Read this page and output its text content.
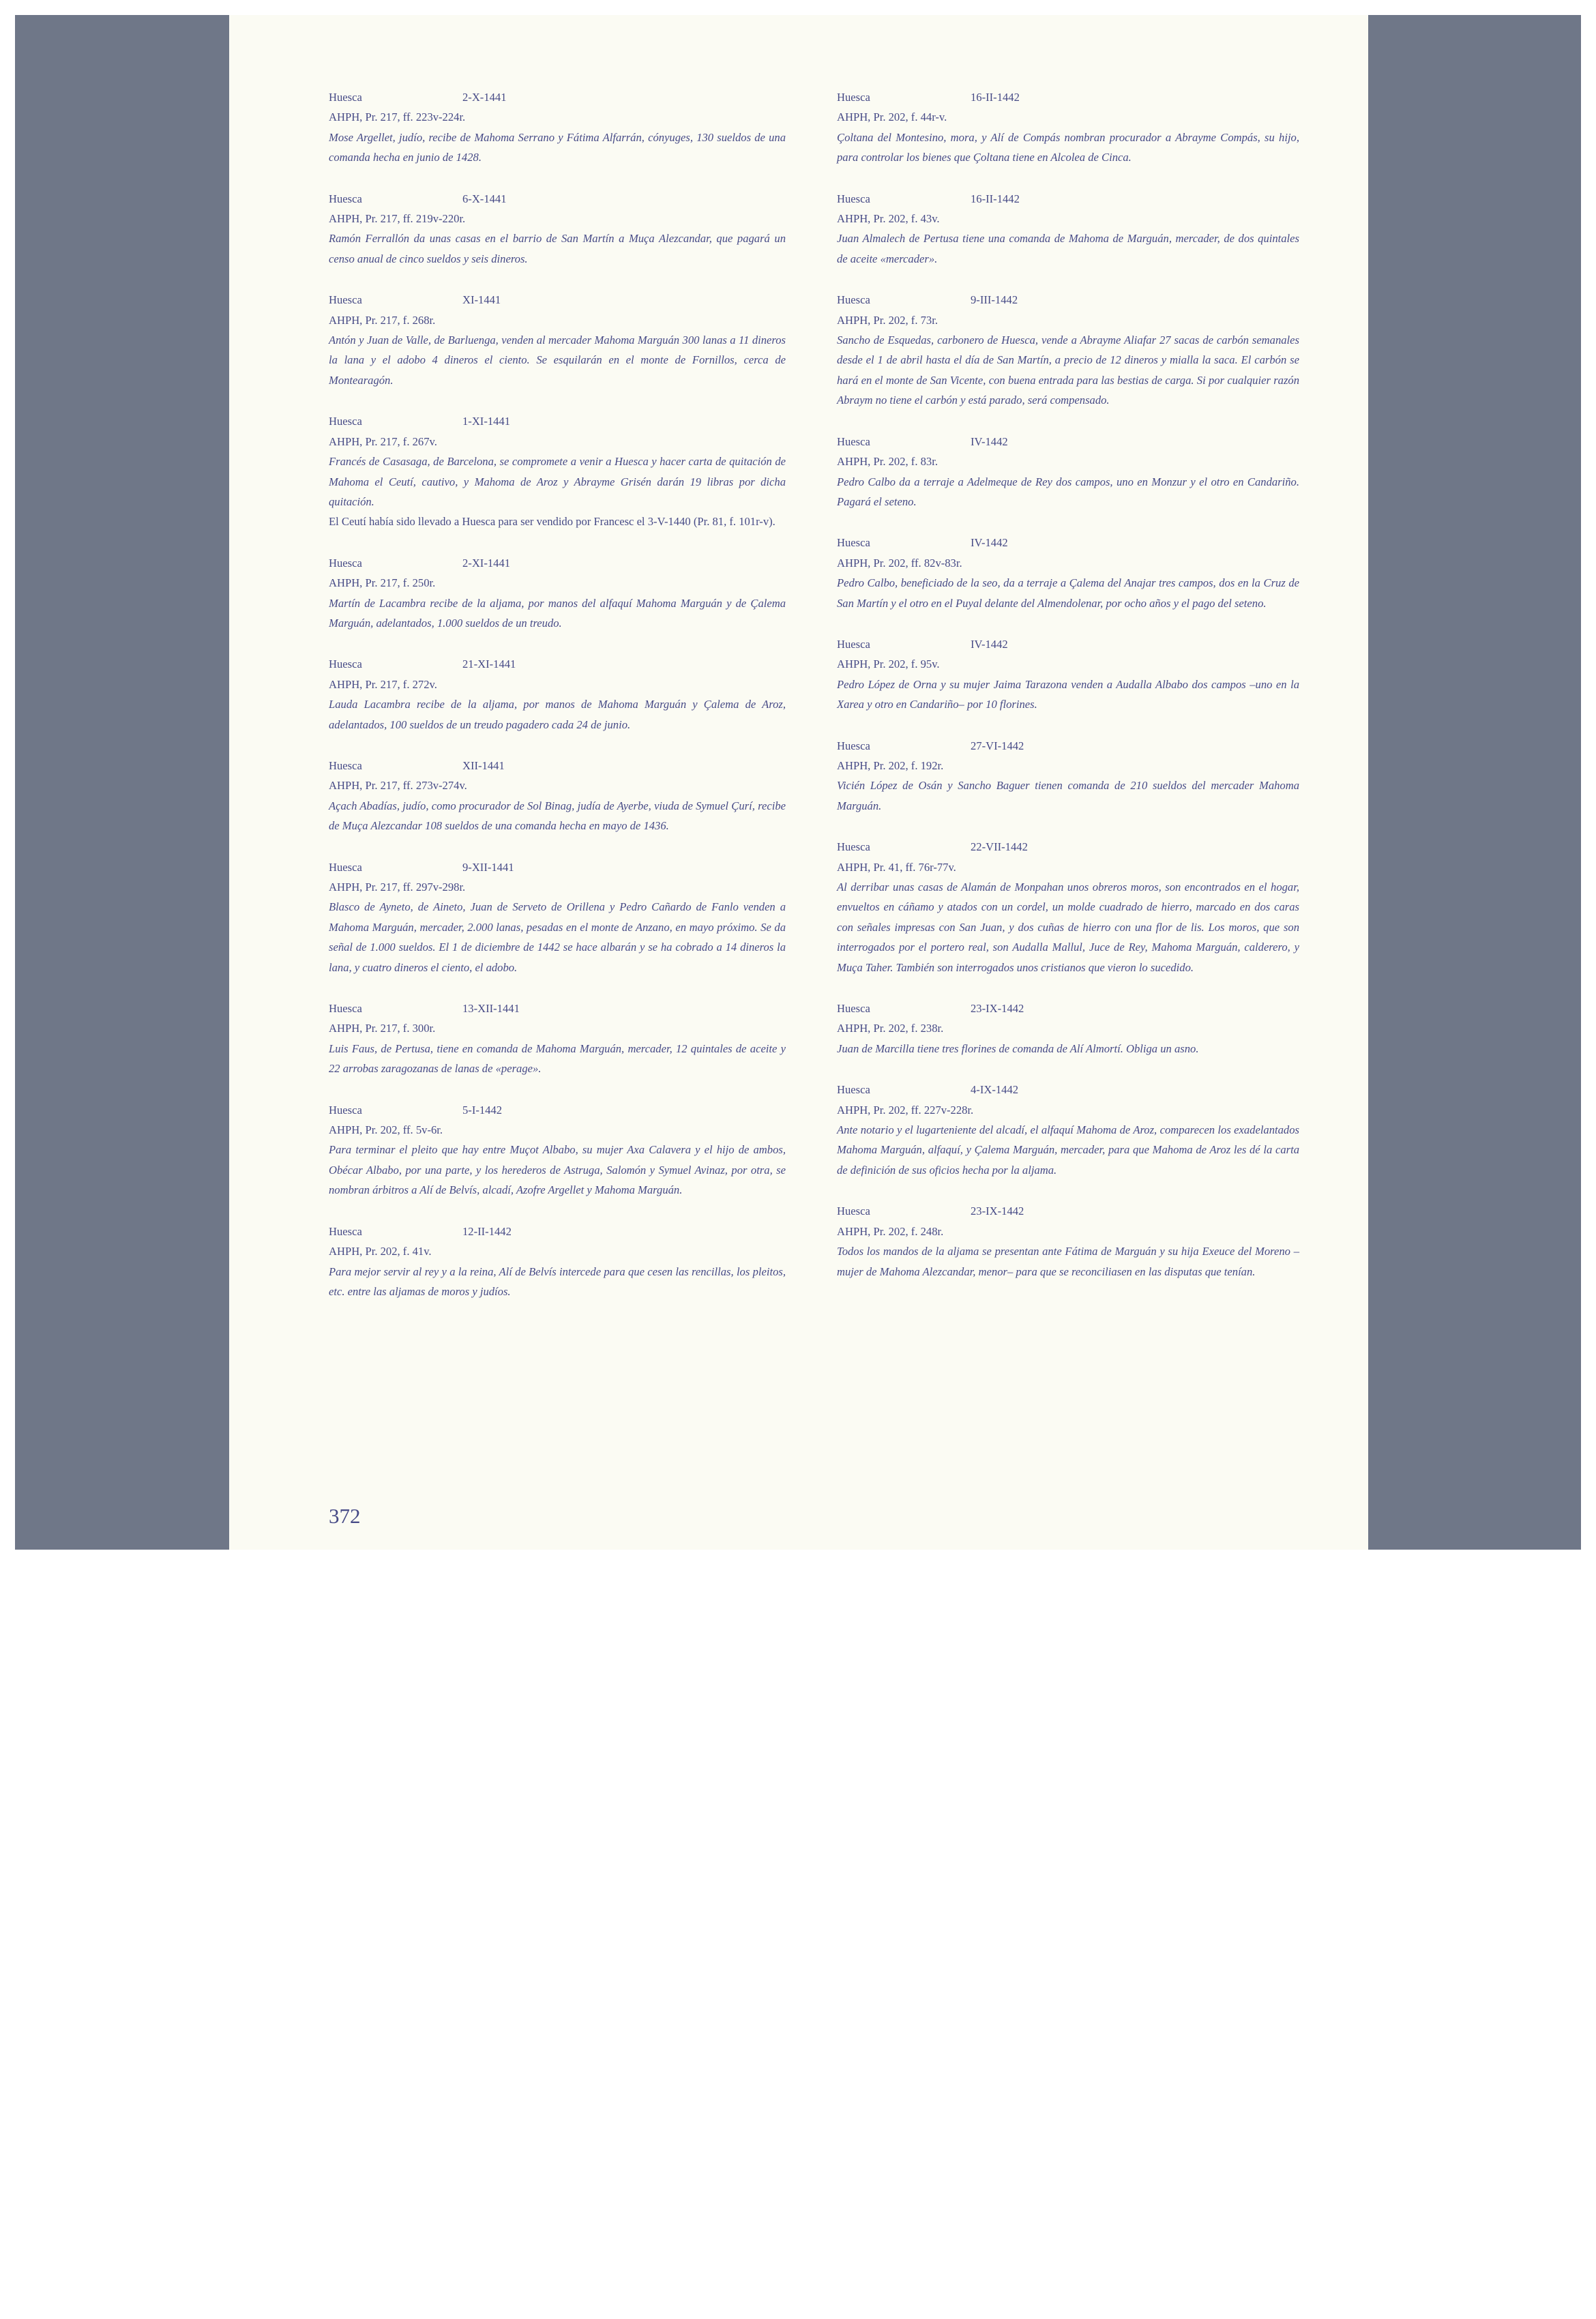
Huesca	2-X-1441
AHPH, Pr. 217, ff. 223v-224r.

Mose Argellet, judío, recibe de Mahoma Serrano y Fátima Alfarrán, cónyuges, 130 sueldos de una comanda hecha en junio de 1428.

Huesca	6-X-1441
AHPH, Pr. 217, ff. 219v-220r.

Ramón Ferrallón da unas casas en el barrio de San Martín a Muça Alezcandar, que pagará un censo anual de cinco sueldos y seis dineros.

Huesca	XI-1441
AHPH, Pr. 217, f. 268r.

Antón y Juan de Valle, de Barluenga, venden al mercader Mahoma Marguán 300 lanas a 11 dineros la lana y el adobo 4 dineros el ciento. Se esquilarán en el monte de Fornillos, cerca de Montearagón.

Huesca	1-XI-1441
AHPH, Pr. 217, f. 267v.

Francés de Casasaga, de Barcelona, se compromete a venir a Huesca y hacer carta de quitación de Mahoma el Ceutí, cautivo, y Mahoma de Aroz y Abrayme Grisén darán 19 libras por dicha quitación.

El Ceutí había sido llevado a Huesca para ser vendido por Francesc el 3-V-1440 (Pr. 81, f. 101r-v).

Huesca	2-XI-1441
AHPH, Pr. 217, f. 250r.

Martín de Lacambra recibe de la aljama, por manos del alfaquí Mahoma Marguán y de Çalema Marguán, adelantados, 1.000 sueldos de un treudo.

Huesca	21-XI-1441
AHPH, Pr. 217, f. 272v.

Lauda Lacambra recibe de la aljama, por manos de Mahoma Marguán y Çalema de Aroz, adelantados, 100 sueldos de un treudo pagadero cada 24 de junio.

Huesca	XII-1441
AHPH, Pr. 217, ff. 273v-274v.

Açach Abadías, judío, como procurador de Sol Binag, judía de Ayerbe, viuda de Symuel Çurí, recibe de Muça Alezcandar 108 sueldos de una comanda hecha en mayo de 1436.

Huesca	9-XII-1441
AHPH, Pr. 217, ff. 297v-298r.

Blasco de Ayneto, de Aineto, Juan de Serveto de Orillena y Pedro Cañardo de Fanlo venden a Mahoma Marguán, mercader, 2.000 lanas, pesadas en el monte de Anzano, en mayo próximo. Se da señal de 1.000 sueldos. El 1 de diciembre de 1442 se hace albarán y se ha cobrado a 14 dineros la lana, y cuatro dineros el ciento, el adobo.

Huesca	13-XII-1441
AHPH, Pr. 217, f. 300r.

Luis Faus, de Pertusa, tiene en comanda de Mahoma Marguán, mercader, 12 quintales de aceite y 22 arrobas zaragozanas de lanas de «perage».

Huesca	5-I-1442
AHPH, Pr. 202, ff. 5v-6r.

Para terminar el pleito que hay entre Muçot Albabo, su mujer Axa Calavera y el hijo de ambos, Obécar Albabo, por una parte, y los herederos de Astruga, Salomón y Symuel Avinaz, por otra, se nombran árbitros a Alí de Belvís, alcadí, Azofre Argellet y Mahoma Marguán.

Huesca	12-II-1442
AHPH, Pr. 202, f. 41v.

Para mejor servir al rey y a la reina, Alí de Belvís intercede para que cesen las rencillas, los pleitos, etc. entre las aljamas de moros y judíos.

Huesca	16-II-1442
AHPH, Pr. 202, f. 44r-v.

Çoltana del Montesino, mora, y Alí de Compás nombran procurador a Abrayme Compás, su hijo, para controlar los bienes que Çoltana tiene en Alcolea de Cinca.

Huesca	16-II-1442
AHPH, Pr. 202, f. 43v.

Juan Almalech de Pertusa tiene una comanda de Mahoma de Marguán, mercader, de dos quintales de aceite «mercader».

Huesca	9-III-1442
AHPH, Pr. 202, f. 73r.

Sancho de Esquedas, carbonero de Huesca, vende a Abrayme Aliafar 27 sacas de carbón semanales desde el 1 de abril hasta el día de San Martín, a precio de 12 dineros y mialla la saca. El carbón se hará en el monte de San Vicente, con buena entrada para las bestias de carga. Si por cualquier razón Abraym no tiene el carbón y está parado, será compensado.

Huesca	IV-1442
AHPH, Pr. 202, f. 83r.

Pedro Calbo da a terraje a Adelmeque de Rey dos campos, uno en Monzur y el otro en Candariño. Pagará el seteno.

Huesca	IV-1442
AHPH, Pr. 202, ff. 82v-83r.

Pedro Calbo, beneficiado de la seo, da a terraje a Çalema del Anajar tres campos, dos en la Cruz de San Martín y el otro en el Puyal delante del Almendolenar, por ocho años y el pago del seteno.

Huesca	IV-1442
AHPH, Pr. 202, f. 95v.

Pedro López de Orna y su mujer Jaima Tarazona venden a Audalla Albabo dos campos –uno en la Xarea y otro en Candariño– por 10 florines.

Huesca	27-VI-1442
AHPH, Pr. 202, f. 192r.

Vicién López de Osán y Sancho Baguer tienen comanda de 210 sueldos del mercader Mahoma Marguán.

Huesca	22-VII-1442
AHPH, Pr. 41, ff. 76r-77v.

Al derribar unas casas de Alamán de Monpahan unos obreros moros, son encontrados en el hogar, envueltos en cáñamo y atados con un cordel, un molde cuadrado de hierro, marcado en dos caras con señales impresas con San Juan, y dos cuñas de hierro con una flor de lis. Los moros, que son interrogados por el portero real, son Audalla Mallul, Juce de Rey, Mahoma Marguán, calderero, y Muça Taher. También son interrogados unos cristianos que vieron lo sucedido.

Huesca	23-IX-1442
AHPH, Pr. 202, f. 238r.

Juan de Marcilla tiene tres florines de comanda de Alí Almortí. Obliga un asno.

Huesca	4-IX-1442
AHPH, Pr. 202, ff. 227v-228r.

Ante notario y el lugarteniente del alcadí, el alfaquí Mahoma de Aroz, comparecen los exadelantados Mahoma Marguán, alfaquí, y Çalema Marguán, mercader, para que Mahoma de Aroz les dé la carta de definición de sus oficios hecha por la aljama.

Huesca	23-IX-1442
AHPH, Pr. 202, f. 248r.

Todos los mandos de la aljama se presentan ante Fátima de Marguán y su hija Exeuce del Moreno –mujer de Mahoma Alezcandar, menor– para que se reconciliasen en las disputas que tenían.

372
